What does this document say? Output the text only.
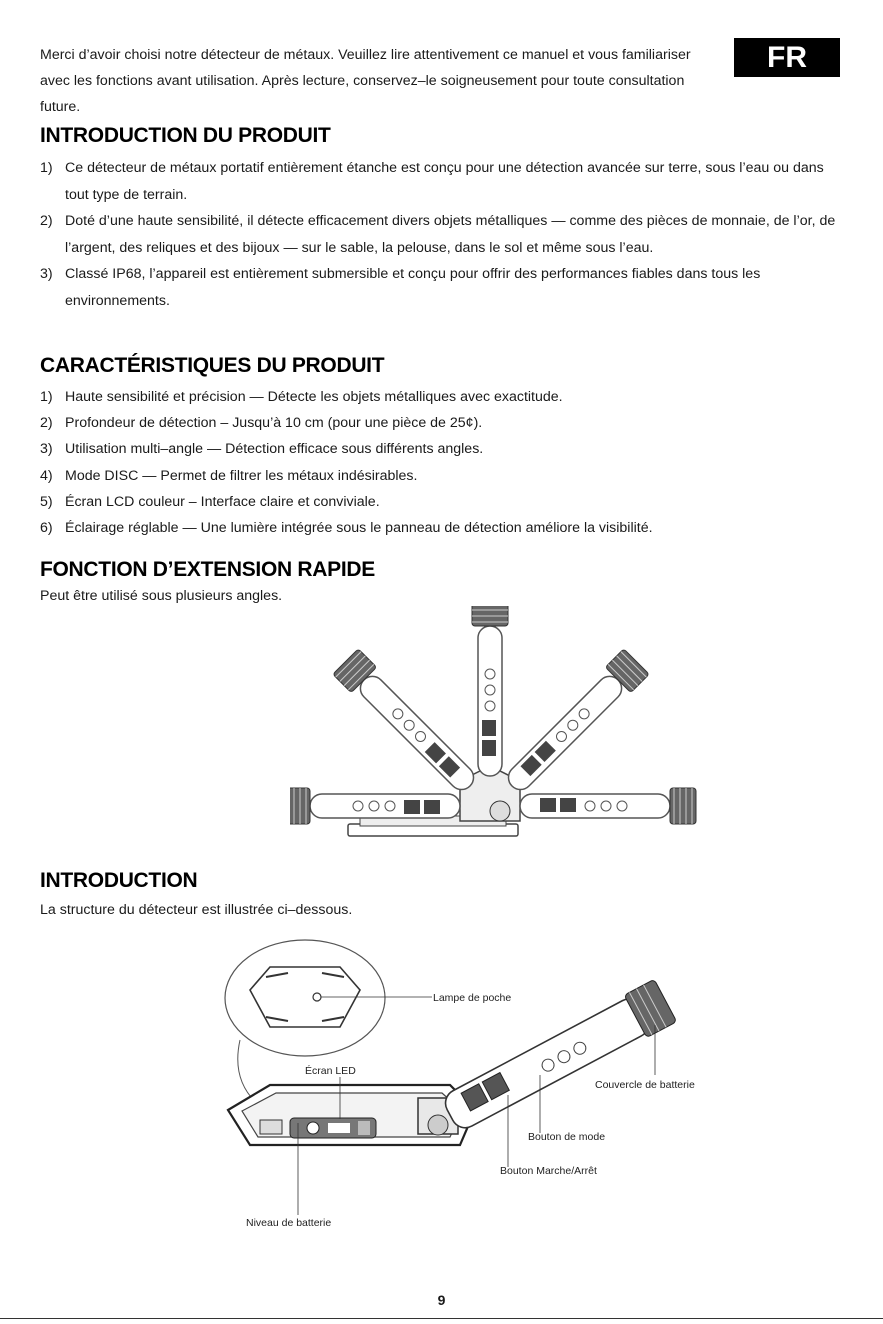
Merci d’avoir choisi notre détecteur de métaux. Veuillez lire attentivement ce manuel et vous familiariser avec les fonctions avant utilisation. Après lecture, conservez–le soigneusement pour toute consultation future.

FR
INTRODUCTION DU PRODUIT
1) Ce détecteur de métaux portatif entièrement étanche est conçu pour une détection avancée sur terre, sous l’eau ou dans tout type de terrain.
2) Doté d’une haute sensibilité, il détecte efficacement divers objets métalliques — comme des pièces de monnaie, de l’or, de l’argent, des reliques et des bijoux — sur le sable, la pelouse, dans le sol et même sous l’eau.
3) Classé IP68, l’appareil est entièrement submersible et conçu pour offrir des performances fiables dans tous les environnements.
CARACTÉRISTIQUES DU PRODUIT
1) Haute sensibilité et précision — Détecte les objets métalliques avec exactitude.
2) Profondeur de détection – Jusqu’à 10 cm (pour une pièce de 25¢).
3) Utilisation multi–angle — Détection efficace sous différents angles.
4) Mode DISC — Permet de filtrer les métaux indésirables.
5) Écran LCD couleur – Interface claire et conviviale.
6) Éclairage réglable — Une lumière intégrée sous le panneau de détection améliore la visibilité.
FONCTION D’EXTENSION RAPIDE

Peut être utilisé sous plusieurs angles.

INTRODUCTION

La structure du détecteur est illustrée ci–dessous.

Lampe de poche
Écran LED
Couvercle de batterie
Bouton de mode
Bouton Marche/Arrêt
Niveau de batterie
9
